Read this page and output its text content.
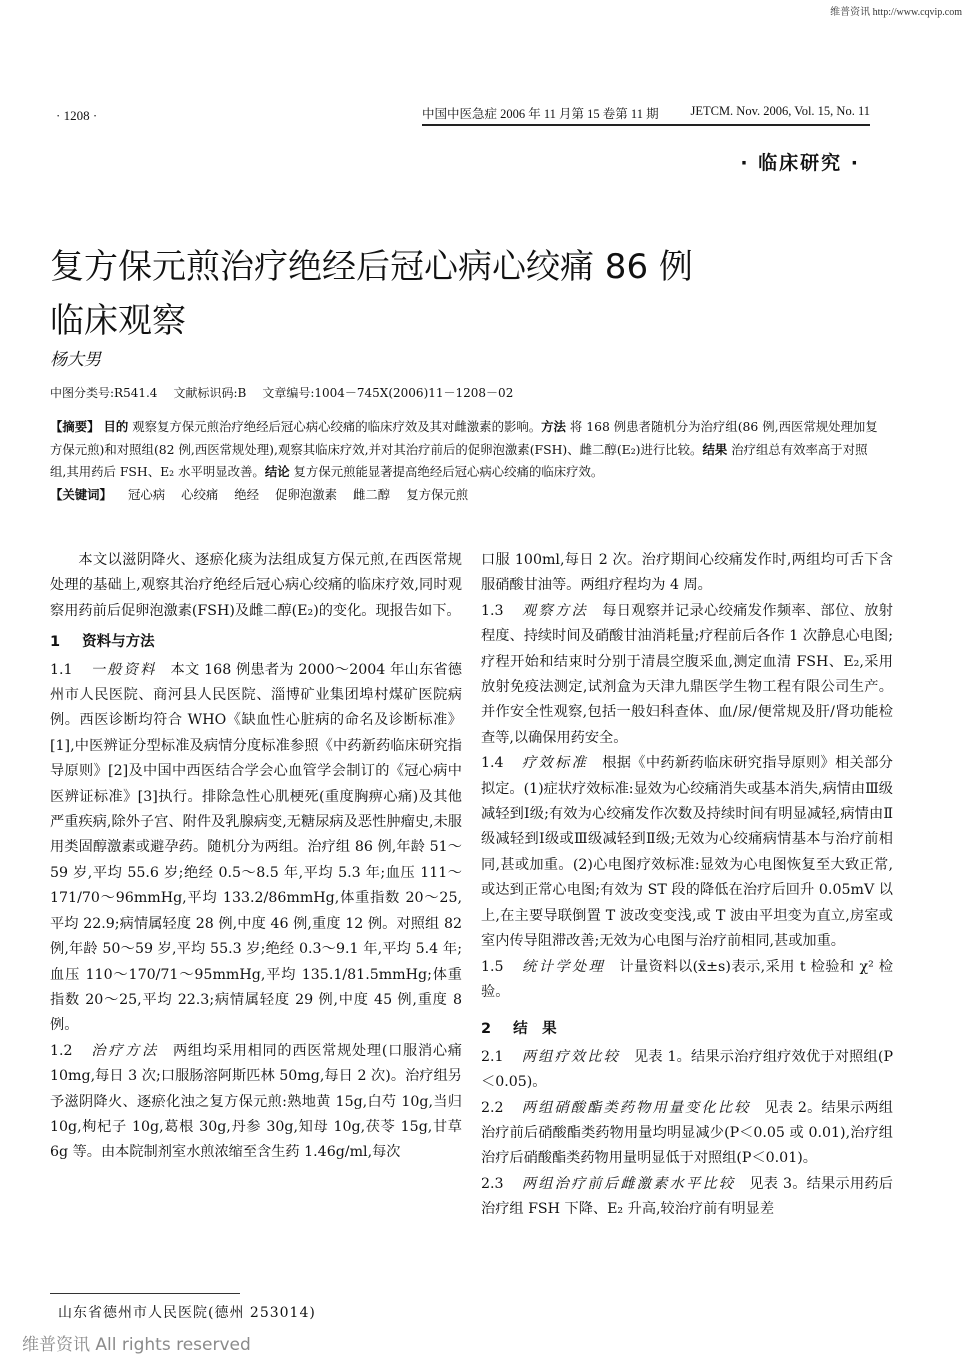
维普资讯 http://www.cqvip.com
· 1208 ·	中国中医急症 2006 年 11 月第 15 卷第 11 期	JETCM. Nov. 2006, Vol. 15, No. 11
· 临床研究 ·
复方保元煎治疗绝经后冠心病心绞痛 86 例
临床观察
杨大男
中图分类号:R541.4 文献标识码:B 文章编号:1004－745X(2006)11－1208－02
【摘要】 目的 观察复方保元煎治疗绝经后冠心病心绞痛的临床疗效及其对雌激素的影响。方法 将 168 例患者随机分为治疗组(86 例,西医常规处理加复方保元煎)和对照组(82 例,西医常规处理),观察其临床疗效,并对其治疗前后的促卵泡激素(FSH)、雌二醇(E₂)进行比较。结果 治疗组总有效率高于对照组,其用药后 FSH、E₂ 水平明显改善。结论 复方保元煎能显著提高绝经后冠心病心绞痛的临床疗效。
【关键词】 冠心病 心绞痛 绝经 促卵泡激素 雌二醇 复方保元煎

本文以滋阴降火、逐瘀化痰为法组成复方保元煎,在西医常规处理的基础上,观察其治疗绝经后冠心病心绞痛的临床疗效,同时观察用药前后促卵泡激素(FSH)及雌二醇(E₂)的变化。现报告如下。

1 资料与方法

1.1 一般资料 本文 168 例患者为 2000～2004 年山东省德州市人民医院、商河县人民医院、淄博矿业集团埠村煤矿医院病例。西医诊断均符合 WHO《缺血性心脏病的命名及诊断标准》[1],中医辨证分型标准及病情分度标准参照《中药新药临床研究指导原则》[2]及中国中西医结合学会心血管学会制订的《冠心病中医辨证标准》[3]执行。排除急性心肌梗死(重度胸痹心痛)及其他严重疾病,除外子宫、附件及乳腺病变,无糖尿病及恶性肿瘤史,未服用类固醇激素或避孕药。随机分为两组。治疗组 86 例,年龄 51～59 岁,平均 55.6 岁;绝经 0.5～8.5 年,平均 5.3 年;血压 111～171/70～96mmHg,平均 133.2/86mmHg,体重指数 20～25,平均 22.9;病情属轻度 28 例,中度 46 例,重度 12 例。对照组 82 例,年龄 50～59 岁,平均 55.3 岁;绝经 0.3～9.1 年,平均 5.4 年;血压 110～170/71～95mmHg,平均 135.1/81.5mmHg;体重指数 20～25,平均 22.3;病情属轻度 29 例,中度 45 例,重度 8 例。

1.2 治疗方法 两组均采用相同的西医常规处理(口服消心痛 10mg,每日 3 次;口服肠溶阿斯匹林 50mg,每日 2 次)。治疗组另予滋阴降火、逐瘀化浊之复方保元煎:熟地黄 15g,白芍 10g,当归 10g,枸杞子 10g,葛根 30g,丹参 30g,知母 10g,茯苓 15g,甘草 6g 等。由本院制剂室水煎浓缩至含生药 1.46g/ml,每次

口服 100ml,每日 2 次。治疗期间心绞痛发作时,两组均可舌下含服硝酸甘油等。两组疗程均为 4 周。

1.3 观察方法 每日观察并记录心绞痛发作频率、部位、放射程度、持续时间及硝酸甘油消耗量;疗程前后各作 1 次静息心电图;疗程开始和结束时分别于清晨空腹采血,测定血清 FSH、E₂,采用放射免疫法测定,试剂盒为天津九鼎医学生物工程有限公司生产。并作安全性观察,包括一般妇科查体、血/尿/便常规及肝/肾功能检查等,以确保用药安全。

1.4 疗效标准 根据《中药新药临床研究指导原则》相关部分拟定。(1)症状疗效标准:显效为心绞痛消失或基本消失,病情由Ⅲ级减轻到Ⅰ级;有效为心绞痛发作次数及持续时间有明显减轻,病情由Ⅱ级减轻到Ⅰ级或Ⅲ级减轻到Ⅱ级;无效为心绞痛病情基本与治疗前相同,甚或加重。(2)心电图疗效标准:显效为心电图恢复至大致正常,或达到正常心电图;有效为 ST 段的降低在治疗后回升 0.05mV 以上,在主要导联倒置 T 波改变变浅,或 T 波由平坦变为直立,房室或室内传导阻滞改善;无效为心电图与治疗前相同,甚或加重。

1.5 统计学处理 计量资料以(x̄±s)表示,采用 t 检验和 χ² 检验。

2 结　果

2.1 两组疗效比较 见表 1。结果示治疗组疗效优于对照组(P＜0.05)。

2.2 两组硝酸酯类药物用量变化比较 见表 2。结果示两组治疗前后硝酸酯类药物用量均明显减少(P＜0.05 或 0.01),治疗组治疗后硝酸酯类药物用量明显低于对照组(P＜0.01)。

2.3 两组治疗前后雌激素水平比较 见表 3。结果示用药后治疗组 FSH 下降、E₂ 升高,较治疗前有明显差

山东省德州市人民医院(德州 253014)
维普资讯 All rights reserved
